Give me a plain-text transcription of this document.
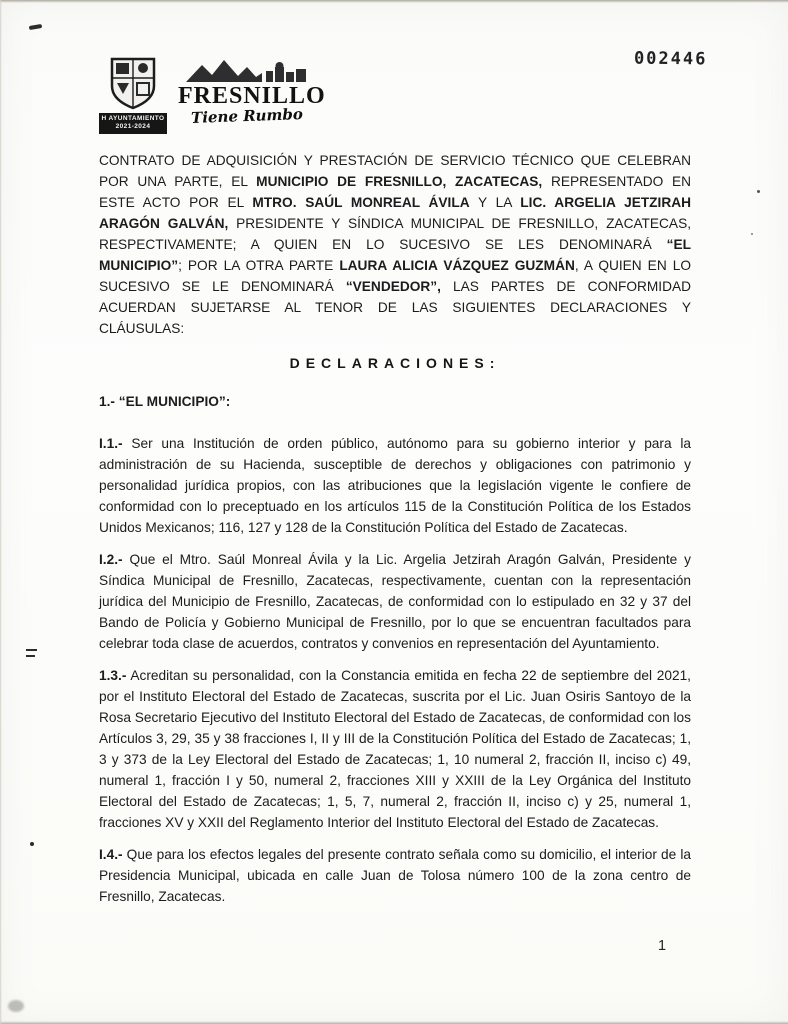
002446
H AYUNTAMIENTO
2021-2024
FRESNILLO
Tiene Rumbo

CONTRATO DE ADQUISICIÓN Y PRESTACIÓN DE SERVICIO TÉCNICO QUE CELEBRAN POR UNA PARTE, EL MUNICIPIO DE FRESNILLO, ZACATECAS, REPRESENTADO EN ESTE ACTO POR EL MTRO. SAÚL MONREAL ÁVILA Y LA LIC. ARGELIA JETZIRAH ARAGÓN GALVÁN, PRESIDENTE Y SÍNDICA MUNICIPAL DE FRESNILLO, ZACATECAS, RESPECTIVAMENTE; A QUIEN EN LO SUCESIVO SE LES DENOMINARÁ “EL MUNICIPIO”; POR LA OTRA PARTE LAURA ALICIA VÁZQUEZ GUZMÁN, A QUIEN EN LO SUCESIVO SE LE DENOMINARÁ “VENDEDOR”, LAS PARTES DE CONFORMIDAD ACUERDAN SUJETARSE AL TENOR DE LAS SIGUIENTES DECLARACIONES Y CLÁUSULAS:

DECLARACIONES:
1.- “EL MUNICIPIO”:

I.1.- Ser una Institución de orden público, autónomo para su gobierno interior y para la administración de su Hacienda, susceptible de derechos y obligaciones con patrimonio y personalidad jurídica propios, con las atribuciones que la legislación vigente le confiere de conformidad con lo preceptuado en los artículos 115 de la Constitución Política de los Estados Unidos Mexicanos; 116, 127 y 128 de la Constitución Política del Estado de Zacatecas.

I.2.- Que el Mtro. Saúl Monreal Ávila y la Lic. Argelia Jetzirah Aragón Galván, Presidente y Síndica Municipal de Fresnillo, Zacatecas, respectivamente, cuentan con la representación jurídica del Municipio de Fresnillo, Zacatecas, de conformidad con lo estipulado en 32 y 37 del Bando de Policía y Gobierno Municipal de Fresnillo, por lo que se encuentran facultados para celebrar toda clase de acuerdos, contratos y convenios en representación del Ayuntamiento.

1.3.- Acreditan su personalidad, con la Constancia emitida en fecha 22 de septiembre del 2021, por el Instituto Electoral del Estado de Zacatecas, suscrita por el Lic. Juan Osiris Santoyo de la Rosa Secretario Ejecutivo del Instituto Electoral del Estado de Zacatecas, de conformidad con los Artículos 3, 29, 35 y 38 fracciones I, II y III de la Constitución Política del Estado de Zacatecas; 1, 3 y 373 de la Ley Electoral del Estado de Zacatecas; 1, 10 numeral 2, fracción II, inciso c) 49, numeral 1, fracción I y 50, numeral 2, fracciones XIII y XXIII de la Ley Orgánica del Instituto Electoral del Estado de Zacatecas; 1, 5, 7, numeral 2, fracción II, inciso c) y 25, numeral 1, fracciones XV y XXII del Reglamento Interior del Instituto Electoral del Estado de Zacatecas.

I.4.- Que para los efectos legales del presente contrato señala como su domicilio, el interior de la Presidencia Municipal, ubicada en calle Juan de Tolosa número 100 de la zona centro de Fresnillo, Zacatecas.

1
